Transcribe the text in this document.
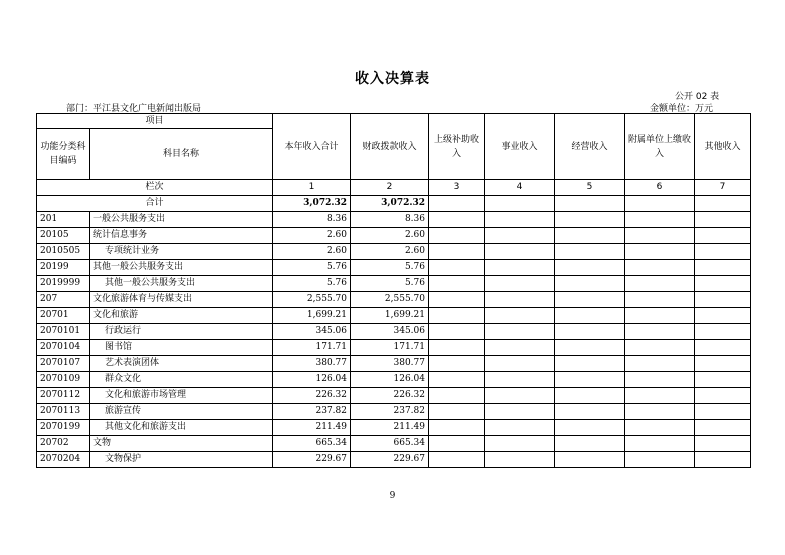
收入决算表
公开 02 表
部门：平江县文化广电新闻出版局	金额单位：万元
项目		本年收入合计	财政拨款收入	上级补助收入	事业收入	经营收入	附属单位上缴收入	其他收入
功能分类科目编码	科目名称							
栏次		1	2	3	4	5	6	7
合计		3,072.32	3,072.32					
201	一般公共服务支出	8.36	8.36					
20105	统计信息事务	2.60	2.60					
2010505	专项统计业务	2.60	2.60					
20199	其他一般公共服务支出	5.76	5.76					
2019999	其他一般公共服务支出	5.76	5.76					
207	文化旅游体育与传媒支出	2,555.70	2,555.70					
20701	文化和旅游	1,699.21	1,699.21					
2070101	行政运行	345.06	345.06					
2070104	图书馆	171.71	171.71					
2070107	艺术表演团体	380.77	380.77					
2070109	群众文化	126.04	126.04					
2070112	文化和旅游市场管理	226.32	226.32					
2070113	旅游宣传	237.82	237.82					
2070199	其他文化和旅游支出	211.49	211.49					
20702	文物	665.34	665.34					
2070204	文物保护	229.67	229.67					
9
